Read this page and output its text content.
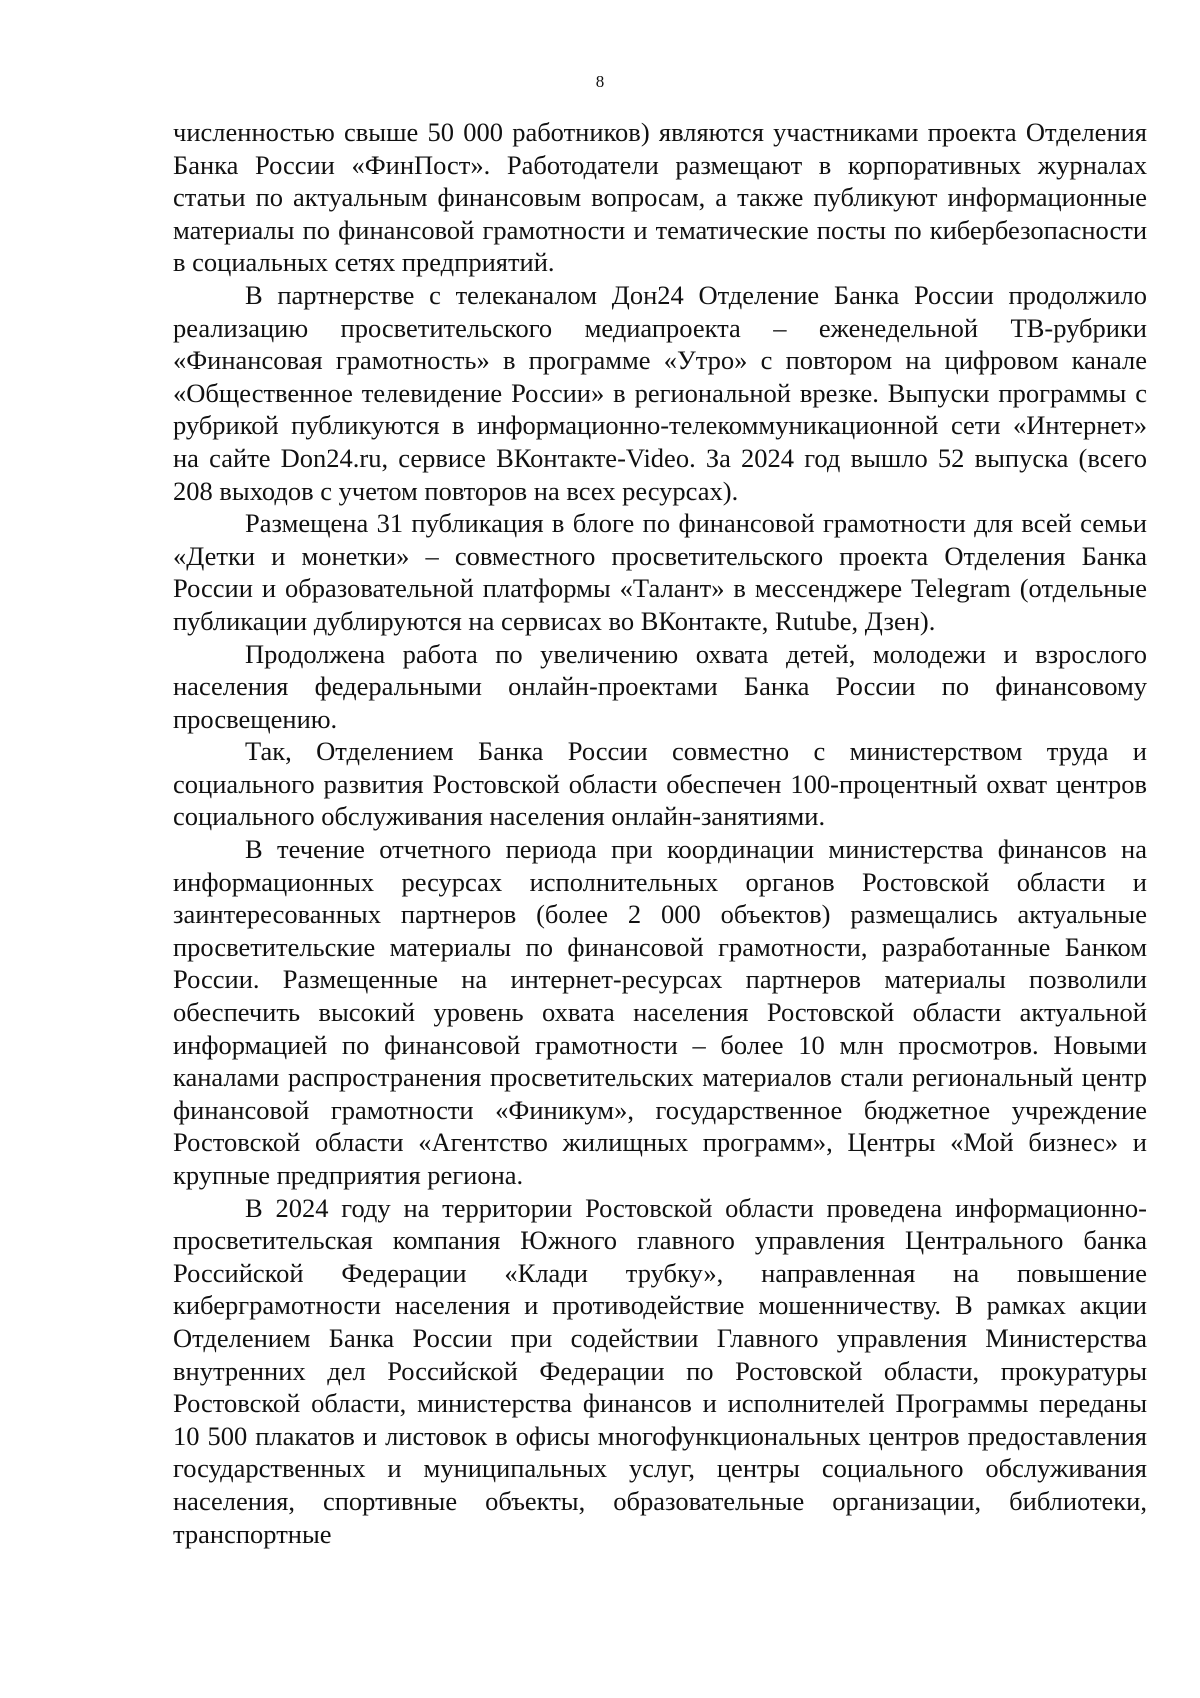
8

численностью свыше 50 000 работников) являются участниками проекта Отделения Банка России «ФинПост». Работодатели размещают в корпоративных журналах статьи по актуальным финансовым вопросам, а также публикуют информационные материалы по финансовой грамотности и тематические посты по кибербезопасности в социальных сетях предприятий.

В партнерстве с телеканалом Дон24 Отделение Банка России продолжило реализацию просветительского медиапроекта – еженедельной ТВ-рубрики «Финансовая грамотность» в программе «Утро» с повтором на цифровом канале «Общественное телевидение России» в региональной врезке. Выпуски программы с рубрикой публикуются в информационно-телекоммуникационной сети «Интернет» на сайте Don24.ru, сервисе ВКонтакте-Video. За 2024 год вышло 52 выпуска (всего 208 выходов с учетом повторов на всех ресурсах).

Размещена 31 публикация в блоге по финансовой грамотности для всей семьи «Детки и монетки» – совместного просветительского проекта Отделения Банка России и образовательной платформы «Талант» в мессенджере Telegram (отдельные публикации дублируются на сервисах во ВКонтакте, Rutube, Дзен).

Продолжена работа по увеличению охвата детей, молодежи и взрослого населения федеральными онлайн-проектами Банка России по финансовому просвещению.

Так, Отделением Банка России совместно с министерством труда и социального развития Ростовской области обеспечен 100-процентный охват центров социального обслуживания населения онлайн-занятиями.

В течение отчетного периода при координации министерства финансов на информационных ресурсах исполнительных органов Ростовской области и заинтересованных партнеров (более 2 000 объектов) размещались актуальные просветительские материалы по финансовой грамотности, разработанные Банком России. Размещенные на интернет-ресурсах партнеров материалы позволили обеспечить высокий уровень охвата населения Ростовской области актуальной информацией по финансовой грамотности – более 10 млн просмотров. Новыми каналами распространения просветительских материалов стали региональный центр финансовой грамотности «Финикум», государственное бюджетное учреждение Ростовской области «Агентство жилищных программ», Центры «Мой бизнес» и крупные предприятия региона.

В 2024 году на территории Ростовской области проведена информационно-просветительская компания Южного главного управления Центрального банка Российской Федерации «Клади трубку», направленная на повышение киберграмотности населения и противодействие мошенничеству. В рамках акции Отделением Банка России при содействии Главного управления Министерства внутренних дел Российской Федерации по Ростовской области, прокуратуры Ростовской области, министерства финансов и исполнителей Программы переданы 10 500 плакатов и листовок в офисы многофункциональных центров предоставления государственных и муниципальных услуг, центры социального обслуживания населения, спортивные объекты, образовательные организации, библиотеки, транспортные
